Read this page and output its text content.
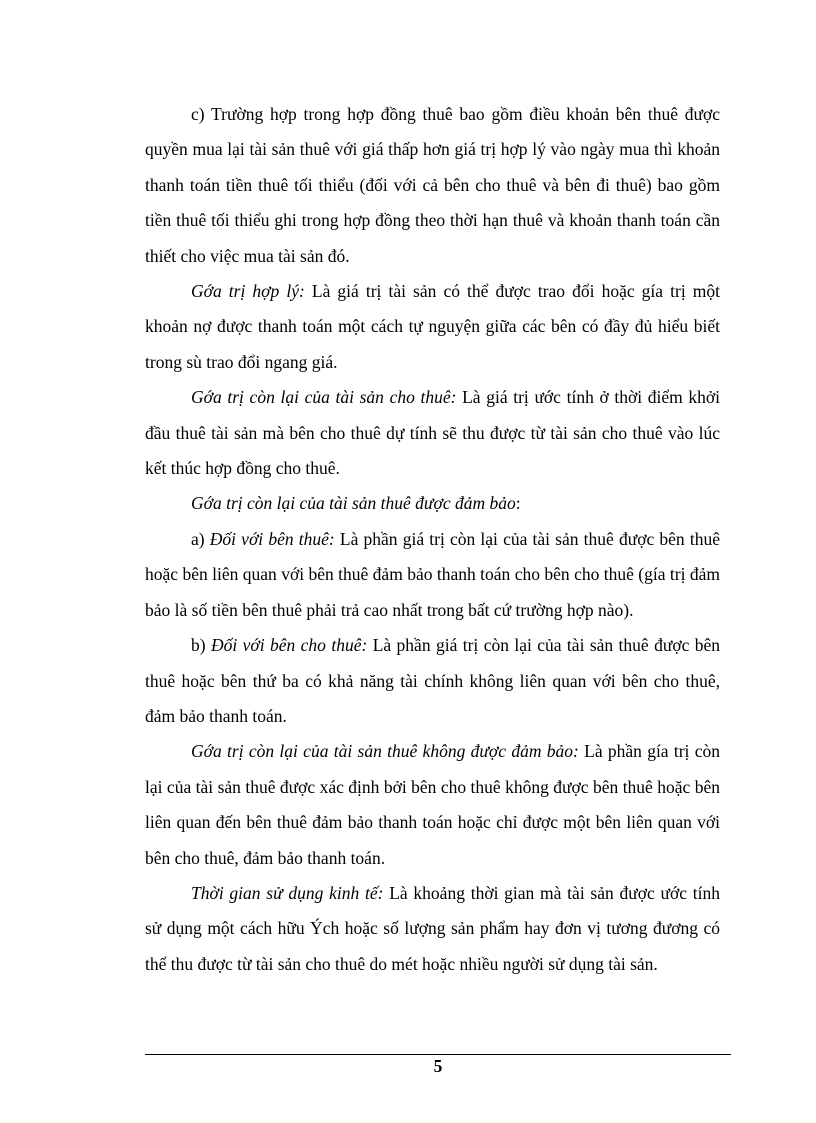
c) Trường hợp trong hợp đồng thuê bao gồm điều khoản bên thuê được quyền mua lại tài sản thuê với giá thấp hơn giá trị hợp lý vào ngày mua thì khoản thanh toán tiền thuê tối thiểu (đối với cả bên cho thuê và bên đi thuê) bao gồm tiền thuê tối thiểu ghi trong hợp đồng theo thời hạn thuê và khoản thanh toán cần thiết cho việc mua tài sản đó.

Gớa trị hợp lý: Là giá trị tài sản có thể được trao đổi hoặc gía trị một khoản nợ được thanh toán một cách tự nguyện giữa các bên có đầy đủ hiểu biết trong sù trao đổi ngang giá.

Gớa trị còn lại của tài sản cho thuê: Là giá trị ước tính ở thời điểm khởi đầu thuê tài sản mà bên cho thuê dự tính sẽ thu được từ tài sản cho thuê vào lúc kết thúc hợp đồng cho thuê.

Gớa trị còn lại của tài sản thuê được đảm bảo:

a) Đối với bên thuê: Là phần giá trị còn lại của tài sản thuê được bên thuê hoặc bên liên quan với bên thuê đảm bảo thanh toán cho bên cho thuê (gía trị đảm bảo là số tiền bên thuê phải trả cao nhất trong bất cứ trường hợp nào).

b) Đối với bên cho thuê: Là phần giá trị còn lại của tài sản thuê được bên thuê hoặc bên thứ ba có khả năng tài chính không liên quan với bên cho thuê, đảm bảo thanh toán.

Gớa trị còn lại của tài sản thuê không được đảm bảo: Là phần gía trị còn lại của tài sản thuê được xác định bởi bên cho thuê không được bên thuê hoặc bên liên quan đến bên thuê đảm bảo thanh toán hoặc chỉ được một bên liên quan với bên cho thuê, đảm bảo thanh toán.

Thời gian sử dụng kinh tế: Là khoảng thời gian mà tài sản được ước tính sử dụng một cách hữu Ých hoặc số lượng sản phẩm hay đơn vị tương đương có thể thu được từ tài sản cho thuê do mét hoặc nhiều người sử dụng tài sản.

5
